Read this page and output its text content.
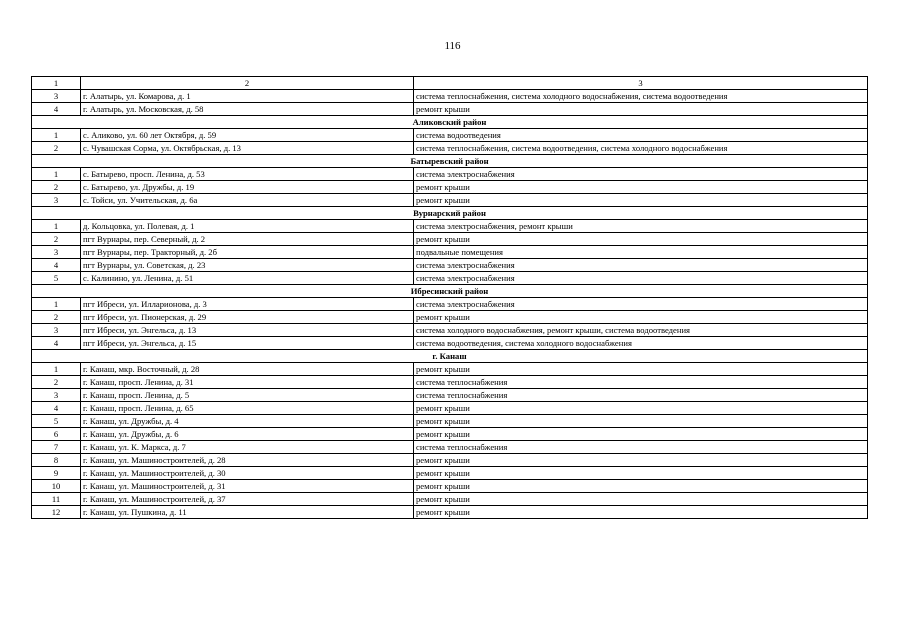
116
1	2	3
3	г. Алатырь, ул. Комарова, д. 1	система теплоснабжения, система холодного водоснабжения, система водоотведения
4	г. Алатырь, ул. Московская, д. 58	ремонт крыши
Аликовский район		
1	с. Аликово, ул. 60 лет Октября, д. 59	система водоотведения
2	с. Чувашская Сорма, ул. Октябрьская, д. 13	система теплоснабжения, система водоотведения, система холодного водоснабжения
Батыревский район		
1	с. Батырево, просп. Ленина, д. 53	система электроснабжения
2	с. Батырево, ул. Дружбы, д. 19	ремонт крыши
3	с. Тойси, ул. Учительская, д. 6а	ремонт крыши
Вурнарский район		
1	д. Кольцовка, ул. Полевая, д. 1	система электроснабжения, ремонт крыши
2	пгт Вурнары, пер. Северный, д. 2	ремонт крыши
3	пгт Вурнары, пер. Тракторный, д. 2б	подвальные помещения
4	пгт Вурнары, ул. Советская, д. 23	система электроснабжения
5	с. Калинино, ул. Ленина, д. 51	система электроснабжения
Ибресинский район		
1	пгт Ибреси, ул. Илларионова, д. 3	система электроснабжения
2	пгт Ибреси, ул. Пионерская, д. 29	ремонт крыши
3	пгт Ибреси, ул. Энгельса, д. 13	система холодного водоснабжения, ремонт крыши, система водоотведения
4	пгт Ибреси, ул. Энгельса, д. 15	система водоотведения, система холодного водоснабжения
г. Канаш		
1	г. Канаш, мкр. Восточный, д. 28	ремонт крыши
2	г. Канаш, просп. Ленина, д. 31	система теплоснабжения
3	г. Канаш, просп. Ленина, д. 5	система теплоснабжения
4	г. Канаш, просп. Ленина, д. 65	ремонт крыши
5	г. Канаш, ул. Дружбы, д. 4	ремонт крыши
6	г. Канаш, ул. Дружбы, д. 6	ремонт крыши
7	г. Канаш, ул. К. Маркса, д. 7	система теплоснабжения
8	г. Канаш, ул. Машиностроителей, д. 28	ремонт крыши
9	г. Канаш, ул. Машиностроителей, д. 30	ремонт крыши
10	г. Канаш, ул. Машиностроителей, д. 31	ремонт крыши
11	г. Канаш, ул. Машиностроителей, д. 37	ремонт крыши
12	г. Канаш, ул. Пушкина, д. 11	ремонт крыши
